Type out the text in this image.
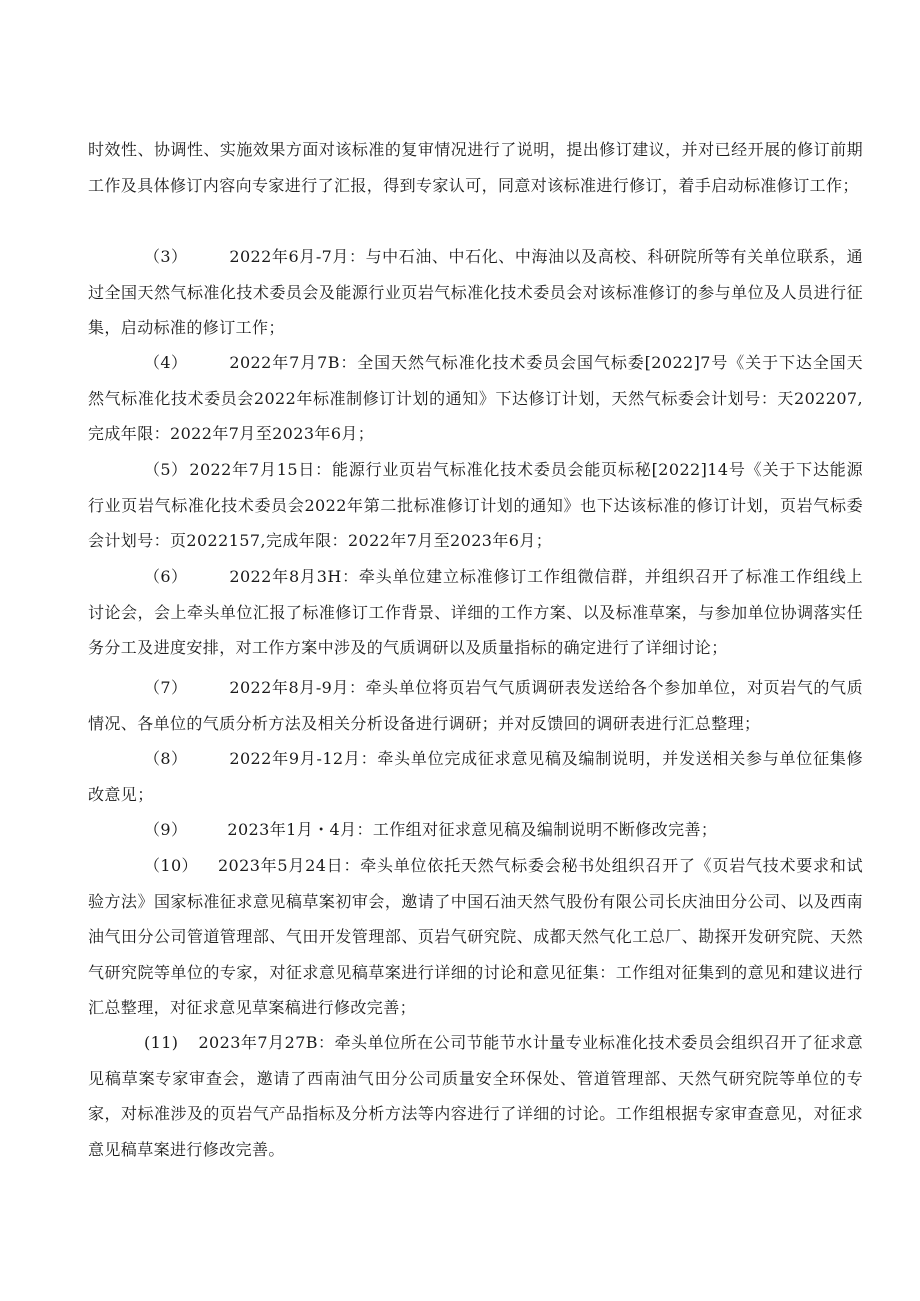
时效性、协调性、实施效果方面对该标准的复审情况进行了说明，提出修订建议，并对已经开展的修订前期工作及具体修订内容向专家进行了汇报，得到专家认可，同意对该标准进行修订，着手启动标准修订工作；

（3）	2022年6月-7月：与中石油、中石化、中海油以及高校、科研院所等有关单位联系，通过全国天然气标准化技术委员会及能源行业页岩气标准化技术委员会对该标准修订的参与单位及人员进行征集，启动标准的修订工作；

（4）	2022年7月7B：全国天然气标准化技术委员会国气标委[2022]7号《关于下达全国天然气标准化技术委员会2022年标准制修订计划的通知》下达修订计划，天然气标委会计划号：天202207,完成年限：2022年7月至2023年6月；

（5） 2022年7月15日：能源行业页岩气标准化技术委员会能页标秘[2022]14号《关于下达能源行业页岩气标准化技术委员会2022年第二批标准修订计划的通知》也下达该标准的修订计划，页岩气标委会计划号：页2022157,完成年限：2022年7月至2023年6月；

（6）	2022年8月3H：牵头单位建立标准修订工作组微信群，并组织召开了标准工作组线上讨论会，会上牵头单位汇报了标准修订工作背景、详细的工作方案、以及标准草案，与参加单位协调落实任务分工及进度安排，对工作方案中涉及的气质调研以及质量指标的确定进行了详细讨论；

（7）	2022年8月-9月：牵头单位将页岩气气质调研表发送给各个参加单位，对页岩气的气质情况、各单位的气质分析方法及相关分析设备进行调研；并对反馈回的调研表进行汇总整理；

（8）	2022年9月-12月：牵头单位完成征求意见稿及编制说明，并发送相关参与单位征集修改意见；

（9）	2023年1月・4月：工作组对征求意见稿及编制说明不断修改完善；

（10） 2023年5月24日：牵头单位依托天然气标委会秘书处组织召开了《页岩气技术要求和试验方法》国家标准征求意见稿草案初审会，邀请了中国石油天然气股份有限公司长庆油田分公司、以及西南油气田分公司管道管理部、气田开发管理部、页岩气研究院、成都天然气化工总厂、勘探开发研究院、天然气研究院等单位的专家，对征求意见稿草案进行详细的讨论和意见征集：工作组对征集到的意见和建议进行汇总整理，对征求意见草案稿进行修改完善；

(11) 2023年7月27B：牵头单位所在公司节能节水计量专业标准化技术委员会组织召开了征求意见稿草案专家审查会，邀请了西南油气田分公司质量安全环保处、管道管理部、天然气研究院等单位的专家，对标准涉及的页岩气产品指标及分析方法等内容进行了详细的讨论。工作组根据专家审查意见，对征求意见稿草案进行修改完善。
